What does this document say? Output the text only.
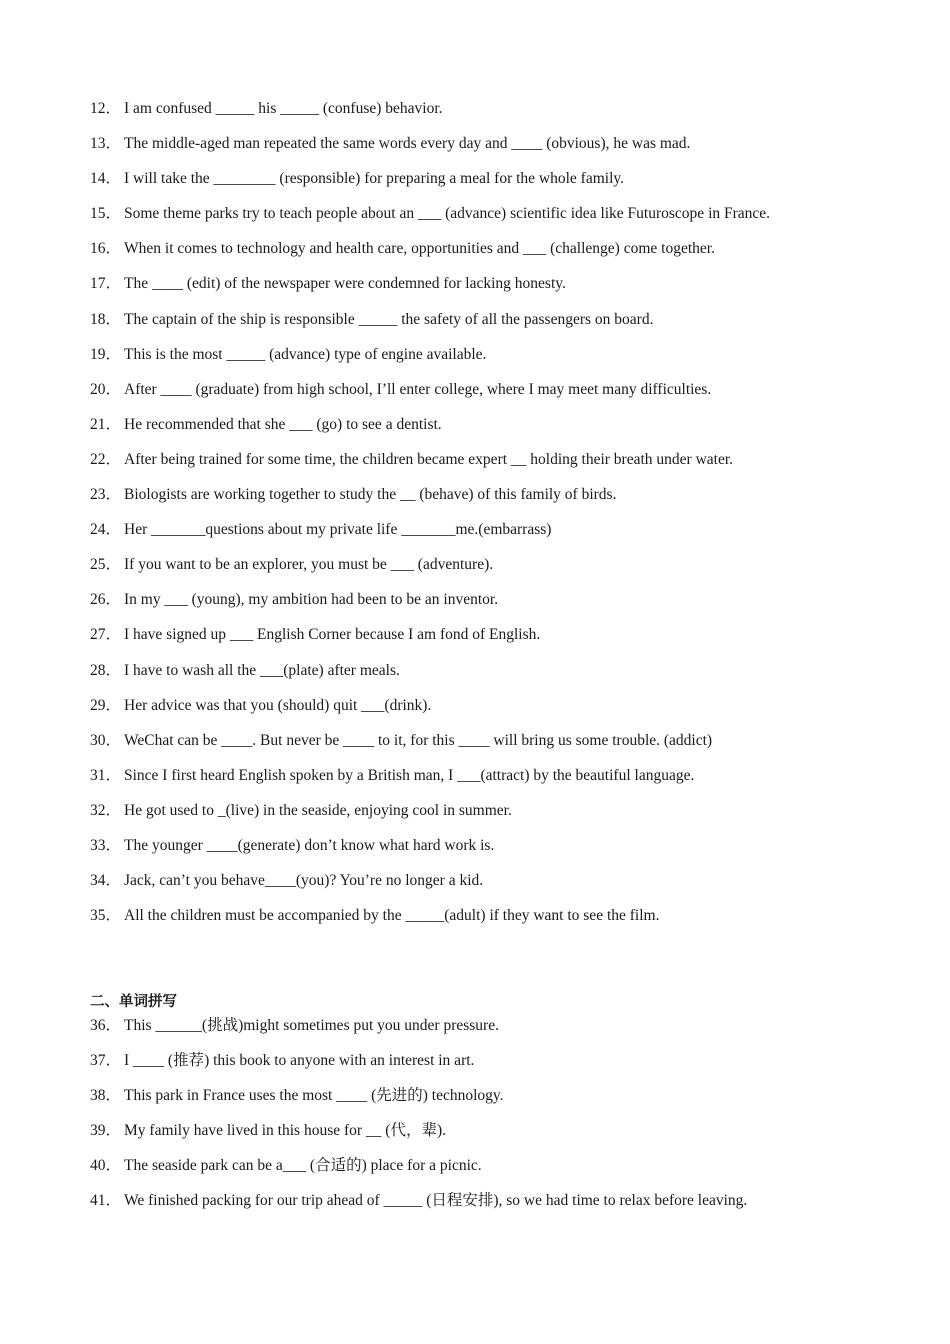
12． I am confused _____ his _____ (confuse) behavior.
13． The middle-aged man repeated the same words every day and ____ (obvious), he was mad.
14． I will take the ________ (responsible) for preparing a meal for the whole family.
15． Some theme parks try to teach people about an ___ (advance) scientific idea like Futuroscope in France.
16． When it comes to technology and health care, opportunities and ___ (challenge) come together.
17． The ____ (edit) of the newspaper were condemned for lacking honesty.
18． The captain of the ship is responsible _____ the safety of all the passengers on board.
19． This is the most _____ (advance) type of engine available.
20． After ____ (graduate) from high school, I’ll enter college, where I may meet many difficulties.
21． He recommended that she ___ (go) to see a dentist.
22． After being trained for some time, the children became expert __ holding their breath under water.
23． Biologists are working together to study the __ (behave) of this family of birds.
24． Her _______questions about my private life _______me.(embarrass)
25． If you want to be an explorer, you must be ___ (adventure).
26． In my ___ (young), my ambition had been to be an inventor.
27． I have signed up ___ English Corner because I am fond of English.
28． I have to wash all the ___(plate) after meals.
29． Her advice was that you (should) quit ___(drink).
30． WeChat can be ____. But never be ____ to it, for this ____ will bring us some trouble. (addict)
31． Since I first heard English spoken by a British man, I ___(attract) by the beautiful language.
32． He got used to _(live) in the seaside, enjoying cool in summer.
33． The younger ____(generate) don’t know what hard work is.
34． Jack, can’t you behave____(you)? You’re no longer a kid.
35． All the children must be accompanied by the _____(adult) if they want to see the film.
二、单词拼写
36． This ______(挑战)might sometimes put you under pressure.
37． I ____ (推荐) this book to anyone with an interest in art.
38． This park in France uses the most ____ (先进的) technology.
39． My family have lived in this house for __ (代，辈).
40． The seaside park can be a___ (合适的) place for a picnic.
41． We finished packing for our trip ahead of _____ (日程安排), so we had time to relax before leaving.
